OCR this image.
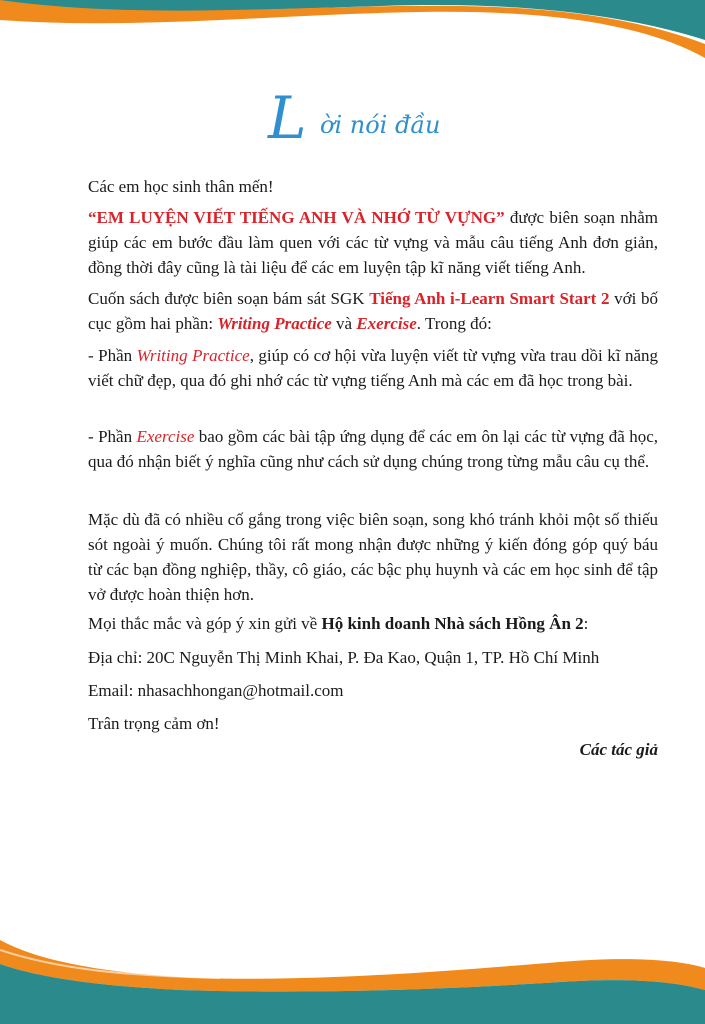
L ời nói đầu
Các em học sinh thân mến!
“EM LUYỆN VIẾT TIẾNG ANH VÀ NHỚ TỪ VỰNG” được biên soạn nhằm giúp các em bước đầu làm quen với các từ vựng và mẫu câu tiếng Anh đơn giản, đồng thời đây cũng là tài liệu để các em luyện tập kĩ năng viết tiếng Anh.
Cuốn sách được biên soạn bám sát SGK Tiếng Anh i-Learn Smart Start 2 với bố cục gồm hai phần: Writing Practice và Exercise. Trong đó:
- Phần Writing Practice, giúp có cơ hội vừa luyện viết từ vựng vừa trau dồi kĩ năng viết chữ đẹp, qua đó ghi nhớ các từ vựng tiếng Anh mà các em đã học trong bài.
- Phần Exercise bao gồm các bài tập ứng dụng để các em ôn lại các từ vựng đã học, qua đó nhận biết ý nghĩa cũng như cách sử dụng chúng trong từng mẫu câu cụ thể.
Mặc dù đã có nhiều cố gắng trong việc biên soạn, song khó tránh khỏi một số thiếu sót ngoài ý muốn. Chúng tôi rất mong nhận được những ý kiến đóng góp quý báu từ các bạn đồng nghiệp, thầy, cô giáo, các bậc phụ huynh và các em học sinh để tập vở được hoàn thiện hơn.
Mọi thắc mắc và góp ý xin gửi về Hộ kinh doanh Nhà sách Hồng Ân 2:
Địa chỉ: 20C Nguyễn Thị Minh Khai, P. Đa Kao, Quận 1, TP. Hồ Chí Minh
Email: nhasachhongan@hotmail.com
Trân trọng cảm ơn!
Các tác giả
